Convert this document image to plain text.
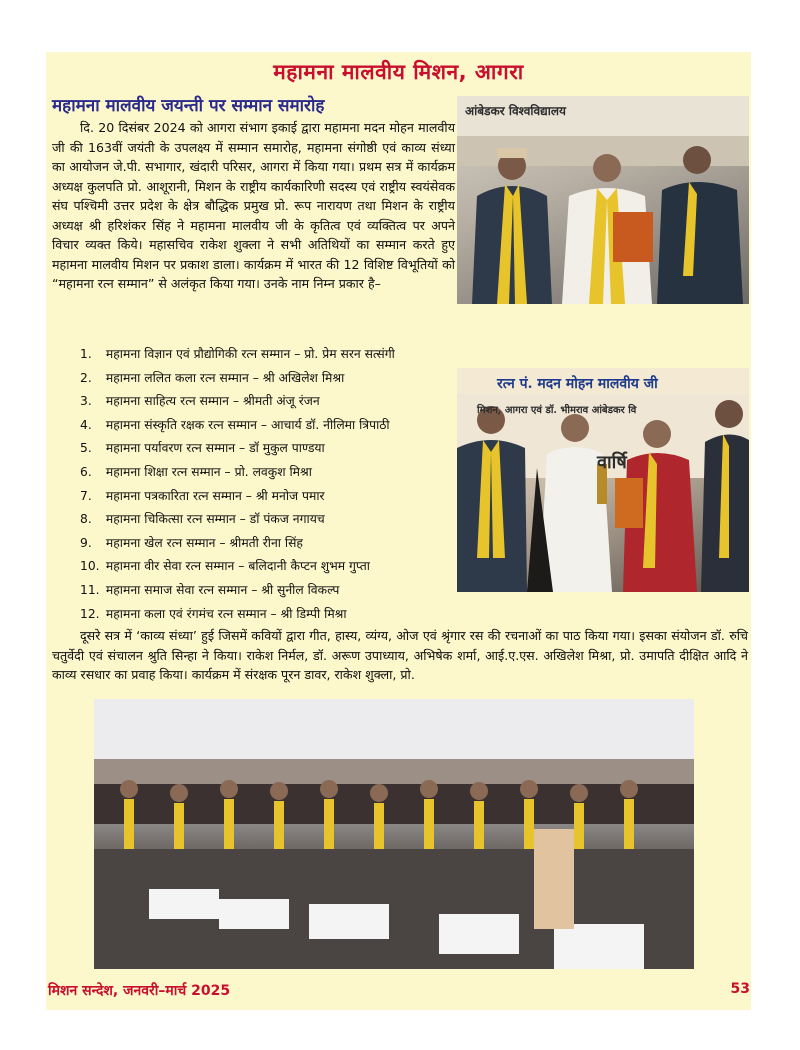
महामना मालवीय मिशन, आगरा
महामना मालवीय जयन्ती पर सम्मान समारोह

दि. 20 दिसंबर 2024 को आगरा संभाग इकाई द्वारा महामना मदन मोहन मालवीय जी की 163वीं जयंती के उपलक्ष्य में सम्मान समारोह, महामना संगोष्ठी एवं काव्य संध्या का आयोजन जे.पी. सभागार, खंदारी परिसर, आगरा में किया गया। प्रथम सत्र में कार्यक्रम अध्यक्ष कुलपति प्रो. आशूरानी, मिशन के राष्ट्रीय कार्यकारिणी सदस्य एवं राष्ट्रीय स्वयंसेवक संघ पश्चिमी उत्तर प्रदेश के क्षेत्र बौद्धिक प्रमुख प्रो. रूप नारायण तथा मिशन के राष्ट्रीय अध्यक्ष श्री हरिशंकर सिंह ने महामना मालवीय जी के कृतित्व एवं व्यक्तित्व पर अपने विचार व्यक्त किये। महासचिव राकेश शुक्ला ने सभी अतिथियों का सम्मान करते हुए महामना मालवीय मिशन पर प्रकाश डाला। कार्यक्रम में भारत की 12 विशिष्ट विभूतियों को “महामना रत्न सम्मान” से अलंकृत किया गया। उनके नाम निम्न प्रकार है–

आंबेडकर विश्वविद्यालय
1. महामना विज्ञान एवं प्रौद्योगिकी रत्न सम्मान – प्रो. प्रेम सरन सत्संगी
2. महामना ललित कला रत्न सम्मान – श्री अखिलेश मिश्रा
3. महामना साहित्य रत्न सम्मान – श्रीमती अंजू रंजन
4. महामना संस्कृति रक्षक रत्न सम्मान – आचार्य डॉ. नीलिमा त्रिपाठी
5. महामना पर्यावरण रत्न सम्मान – डॉ मुकुल पाण्डया
6. महामना शिक्षा रत्न सम्मान – प्रो. लवकुश मिश्रा
7. महामना पत्रकारिता रत्न सम्मान – श्री मनोज पमार
8. महामना चिकित्सा रत्न सम्मान – डॉ पंकज नगायच
9. महामना खेल रत्न सम्मान – श्रीमती रीना सिंह
10. महामना वीर सेवा रत्न सम्मान – बलिदानी कैप्टन शुभम गुप्ता
11. महामना समाज सेवा रत्न सम्मान – श्री सुनील विकल्प
12. महामना कला एवं रंगमंच रत्न सम्मान – श्री डिम्पी मिश्रा
रत्न पं. मदन मोहन मालवीय जी
मिशन, आगरा एवं डॉ. भीमराव आंबेडकर वि
वार्षि

दूसरे सत्र में ‘काव्य संध्या’ हुई जिसमें कवियों द्वारा गीत, हास्य, व्यंग्य, ओज एवं श्रृंगार रस की रचनाओं का पाठ किया गया। इसका संयोजन डॉ. रुचि चतुर्वेदी एवं संचालन श्रुति सिन्हा ने किया। राकेश निर्मल, डॉ. अरूण उपाध्याय, अभिषेक शर्मा, आई.ए.एस. अखिलेश मिश्रा, प्रो. उमापति दीक्षित आदि ने काव्य रसधार का प्रवाह किया। कार्यक्रम में संरक्षक पूरन डावर, राकेश शुक्ला, प्रो.

मिशन सन्देश, जनवरी–मार्च 2025	53
